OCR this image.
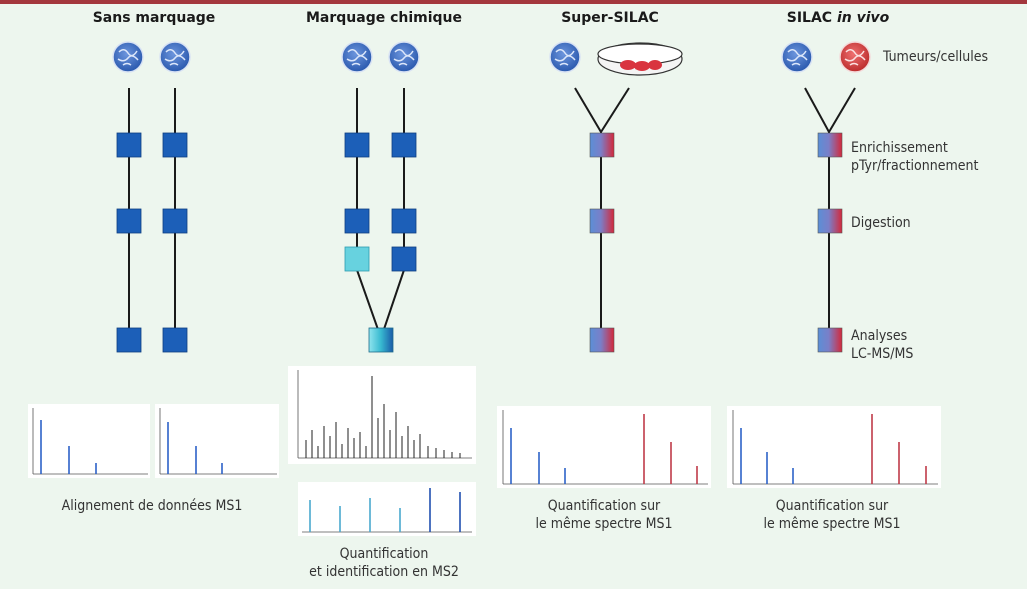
Sans marquage	Marquage chimique	Super-SILAC	SILAC in vivo
Tumeurs/cellules
Enrichissement
pTyr/fractionnement
Digestion
Analyses
LC-MS/MS
Alignement de données MS1
Quantification
et identification en MS2
Quantification sur
le même spectre MS1
Quantification sur
le même spectre MS1
